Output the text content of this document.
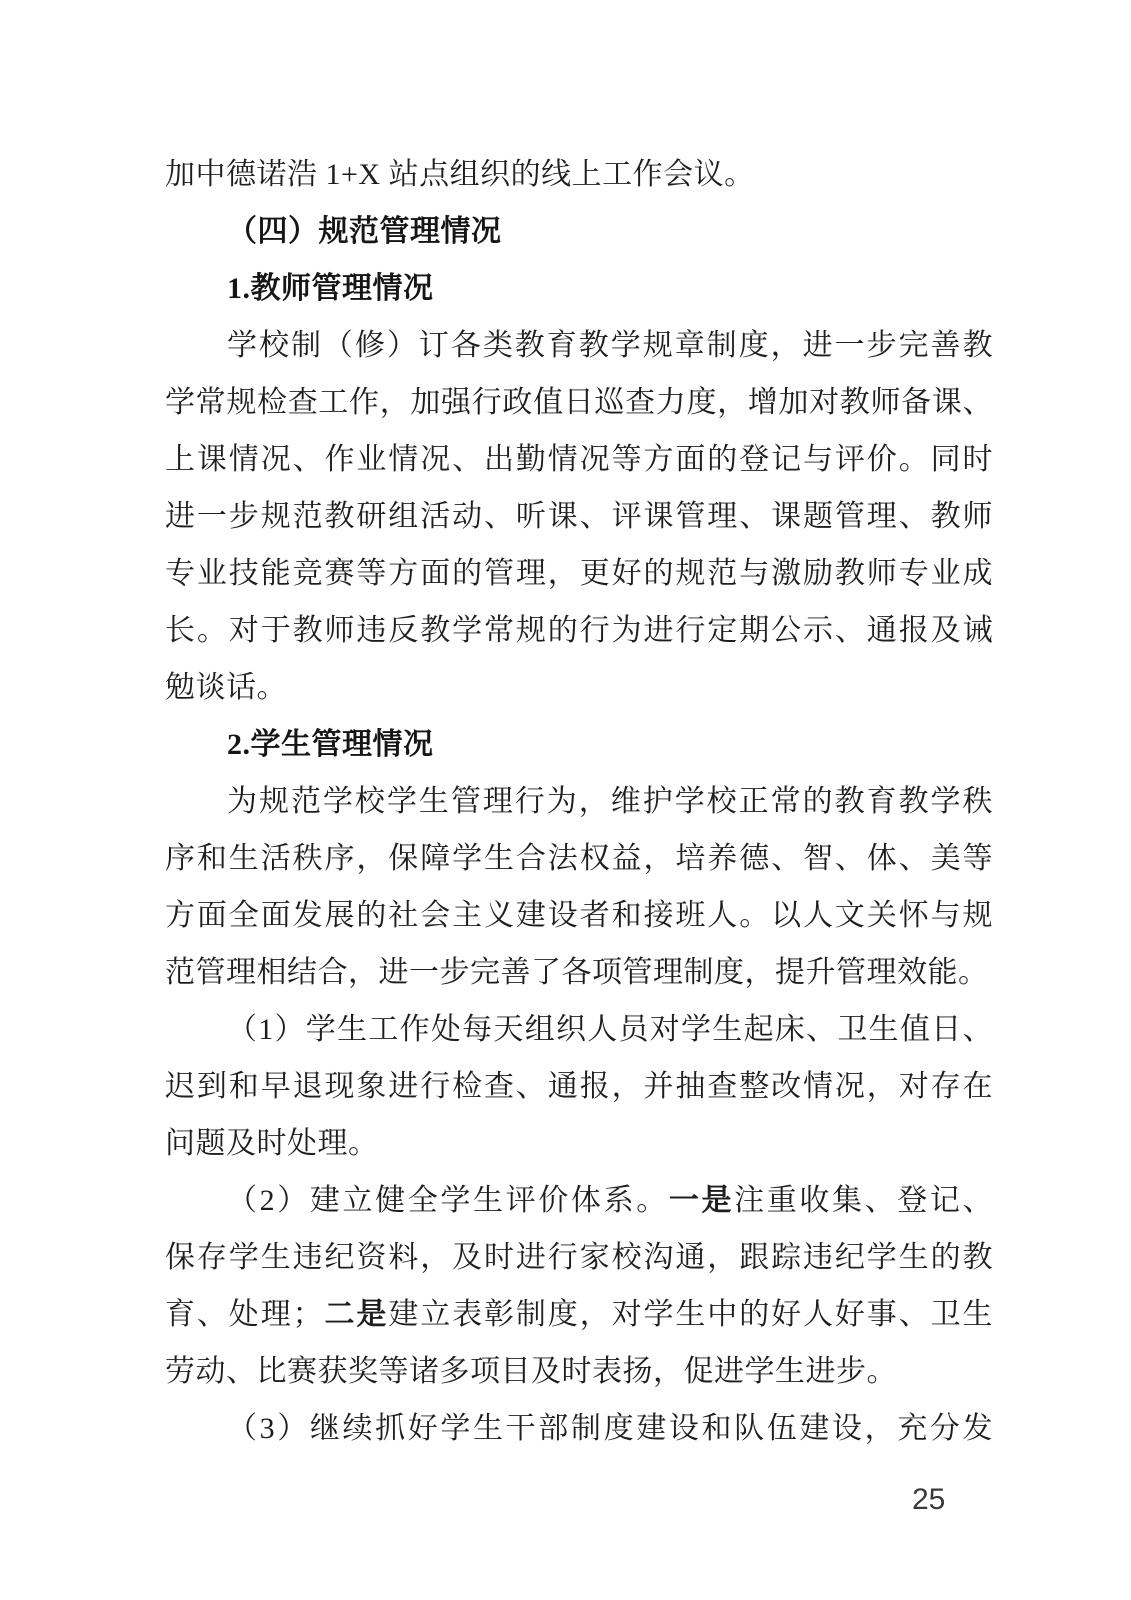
加中德诺浩 1+X 站点组织的线上工作会议。
（四）规范管理情况
1.教师管理情况
学校制（修）订各类教育教学规章制度，进一步完善教
学常规检查工作，加强行政值日巡查力度，增加对教师备课、
上课情况、作业情况、出勤情况等方面的登记与评价。同时
进一步规范教研组活动、听课、评课管理、课题管理、教师
专业技能竞赛等方面的管理，更好的规范与激励教师专业成
长。对于教师违反教学常规的行为进行定期公示、通报及诫
勉谈话。
2.学生管理情况
为规范学校学生管理行为，维护学校正常的教育教学秩
序和生活秩序，保障学生合法权益，培养德、智、体、美等
方面全面发展的社会主义建设者和接班人。以人文关怀与规
范管理相结合，进一步完善了各项管理制度，提升管理效能。
（1）学生工作处每天组织人员对学生起床、卫生值日、
迟到和早退现象进行检查、通报，并抽查整改情况，对存在
问题及时处理。
（2）建立健全学生评价体系。一是注重收集、登记、
保存学生违纪资料，及时进行家校沟通，跟踪违纪学生的教
育、处理；二是建立表彰制度，对学生中的好人好事、卫生
劳动、比赛获奖等诸多项目及时表扬，促进学生进步。
（3）继续抓好学生干部制度建设和队伍建设，充分发
25
